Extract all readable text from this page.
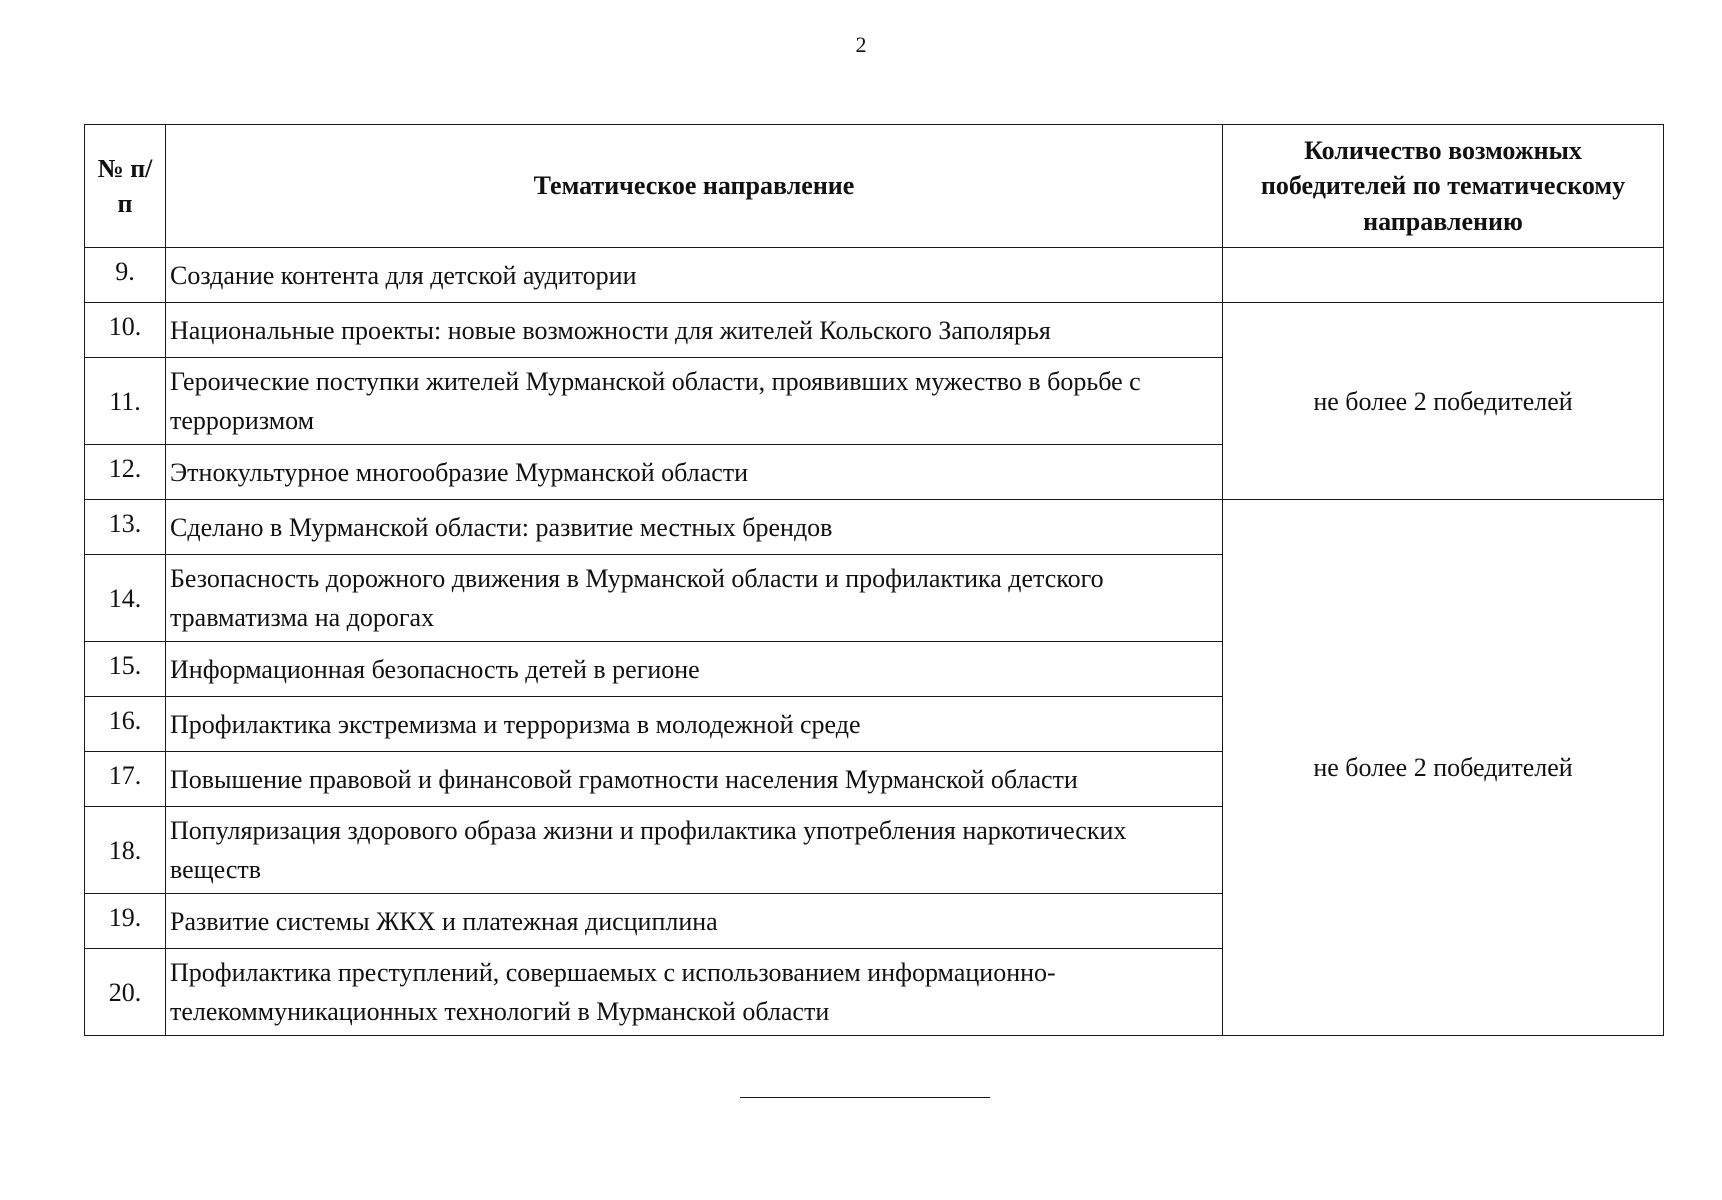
2
№ п/п	Тематическое направление	Количество возможных победителей по тематическому направлению
9.	Создание контента для детской аудитории	
10.	Национальные проекты: новые возможности для жителей Кольского Заполярья	не более 2 победителей
11.	Героические поступки жителей Мурманской области, проявивших мужество в борьбе с терроризмом	
12.	Этнокультурное многообразие Мурманской области	
13.	Сделано в Мурманской области: развитие местных брендов	не более 2 победителей
14.	Безопасность дорожного движения в Мурманской области и профилактика детского травматизма на дорогах	
15.	Информационная безопасность детей в регионе	
16.	Профилактика экстремизма и терроризма в молодежной среде	
17.	Повышение правовой и финансовой грамотности населения Мурманской области	
18.	Популяризация здорового образа жизни и профилактика употребления наркотических веществ	
19.	Развитие системы ЖКХ и платежная дисциплина	
20.	Профилактика преступлений, совершаемых с использованием информационно-телекоммуникационных технологий в Мурманской области	
